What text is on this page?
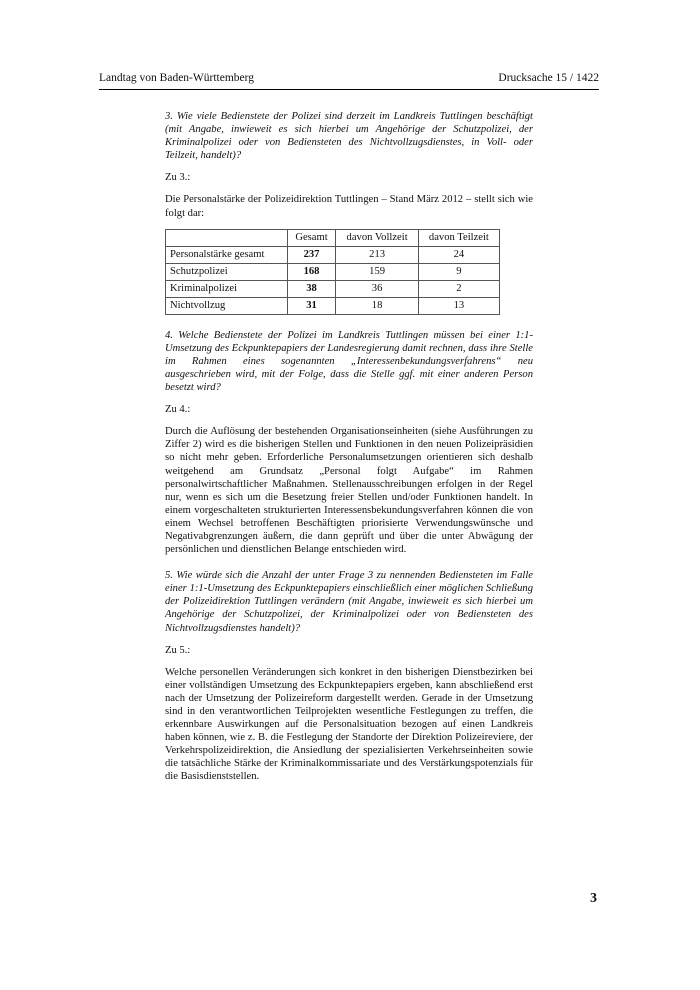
Landtag von Baden-Württemberg	Drucksache 15 / 1422
3. Wie viele Bedienstete der Polizei sind derzeit im Landkreis Tuttlingen beschäftigt (mit Angabe, inwieweit es sich hierbei um Angehörige der Schutzpolizei, der Kriminalpolizei oder von Bediensteten des Nichtvollzugsdienstes, in Voll- oder Teilzeit, handelt)?
Zu 3.:

Die Personalstärke der Polizeidirektion Tuttlingen – Stand März 2012 – stellt sich wie folgt dar:

	Gesamt	davon Vollzeit	davon Teilzeit
Personalstärke gesamt	237	213	24
Schutzpolizei	168	159	9
Kriminalpolizei	38	36	2
Nichtvollzug	31	18	13
4. Welche Bedienstete der Polizei im Landkreis Tuttlingen müssen bei einer 1:1-Umsetzung des Eckpunktepapiers der Landesregierung damit rechnen, dass ihre Stelle im Rahmen eines sogenannten „Interessenbekundungsverfahrens“ neu ausgeschrieben wird, mit der Folge, dass die Stelle ggf. mit einer anderen Person besetzt wird?
Zu 4.:

Durch die Auflösung der bestehenden Organisationseinheiten (siehe Ausführungen zu Ziffer 2) wird es die bisherigen Stellen und Funktionen in den neuen Polizeipräsidien so nicht mehr geben. Erforderliche Personalumsetzungen orientieren sich deshalb weitgehend am Grundsatz „Personal folgt Aufgabe“ im Rahmen personalwirtschaftlicher Maßnahmen. Stellenausschreibungen erfolgen in der Regel nur, wenn es sich um die Besetzung freier Stellen und/oder Funktionen handelt. In einem vorgeschalteten strukturierten Interessensbekundungsverfahren können die von einem Wechsel betroffenen Beschäftigten priorisierte Verwendungswünsche und Negativabgrenzungen äußern, die dann geprüft und über die unter Abwägung der persönlichen und dienstlichen Belange entschieden wird.

5. Wie würde sich die Anzahl der unter Frage 3 zu nennenden Bediensteten im Falle einer 1:1-Umsetzung des Eckpunktepapiers einschließlich einer möglichen Schließung der Polizeidirektion Tuttlingen verändern (mit Angabe, inwieweit es sich hierbei um Angehörige der Schutzpolizei, der Kriminalpolizei oder von Bediensteten des Nichtvollzugsdienstes handelt)?
Zu 5.:

Welche personellen Veränderungen sich konkret in den bisherigen Dienstbezirken bei einer vollständigen Umsetzung des Eckpunktepapiers ergeben, kann abschließend erst nach der Umsetzung der Polizeireform dargestellt werden. Gerade in der Umsetzung sind in den verantwortlichen Teilprojekten wesentliche Festlegungen zu treffen, die erkennbare Auswirkungen auf die Personalsituation bezogen auf einen Landkreis haben können, wie z. B. die Festlegung der Standorte der Direktion Polizeireviere, der Verkehrspolizeidirektion, die Ansiedlung der spezialisierten Verkehrseinheiten sowie die tatsächliche Stärke der Kriminalkommissariate und des Verstärkungspotenzials für die Basisdienststellen.

3
